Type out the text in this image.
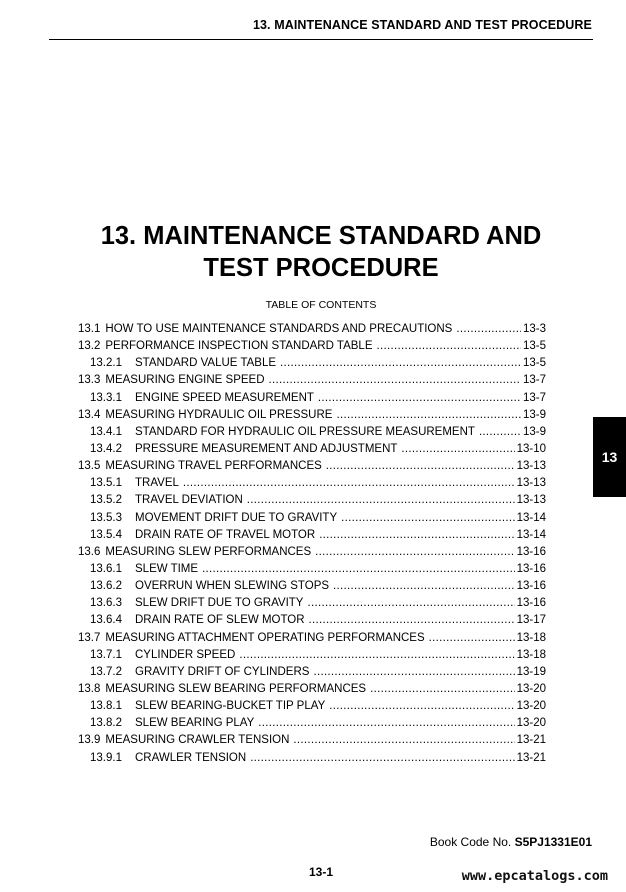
13. MAINTENANCE STANDARD AND TEST PROCEDURE
13. MAINTENANCE STANDARD AND
TEST PROCEDURE
TABLE OF CONTENTS
13.1 HOW TO USE MAINTENANCE STANDARDS AND PRECAUTIONS .....	13-3
13.2 PERFORMANCE INSPECTION STANDARD TABLE .....	13-5
13.2.1	STANDARD VALUE TABLE .....	13-5
13.3 MEASURING ENGINE SPEED .....	13-7
13.3.1	ENGINE SPEED MEASUREMENT .....	13-7
13.4 MEASURING HYDRAULIC OIL PRESSURE .....	13-9
13.4.1	STANDARD FOR HYDRAULIC OIL PRESSURE MEASUREMENT .....	13-9
13.4.2	PRESSURE MEASUREMENT AND ADJUSTMENT .....	13-10
13.5 MEASURING TRAVEL PERFORMANCES .....	13-13
13.5.1	TRAVEL .....	13-13
13.5.2	TRAVEL DEVIATION .....	13-13
13.5.3	MOVEMENT DRIFT DUE TO GRAVITY .....	13-14
13.5.4	DRAIN RATE OF TRAVEL MOTOR .....	13-14
13.6 MEASURING SLEW PERFORMANCES .....	13-16
13.6.1	SLEW TIME .....	13-16
13.6.2	OVERRUN WHEN SLEWING STOPS .....	13-16
13.6.3	SLEW DRIFT DUE TO GRAVITY .....	13-16
13.6.4	DRAIN RATE OF SLEW MOTOR .....	13-17
13.7 MEASURING ATTACHMENT OPERATING PERFORMANCES .....	13-18
13.7.1	CYLINDER SPEED .....	13-18
13.7.2	GRAVITY DRIFT OF CYLINDERS .....	13-19
13.8 MEASURING SLEW BEARING PERFORMANCES .....	13-20
13.8.1	SLEW BEARING-BUCKET TIP PLAY .....	13-20
13.8.2	SLEW BEARING PLAY .....	13-20
13.9 MEASURING CRAWLER TENSION .....	13-21
13.9.1	CRAWLER TENSION .....	13-21
13
Book Code No. S5PJ1331E01
13-1	www.epcatalogs.com
